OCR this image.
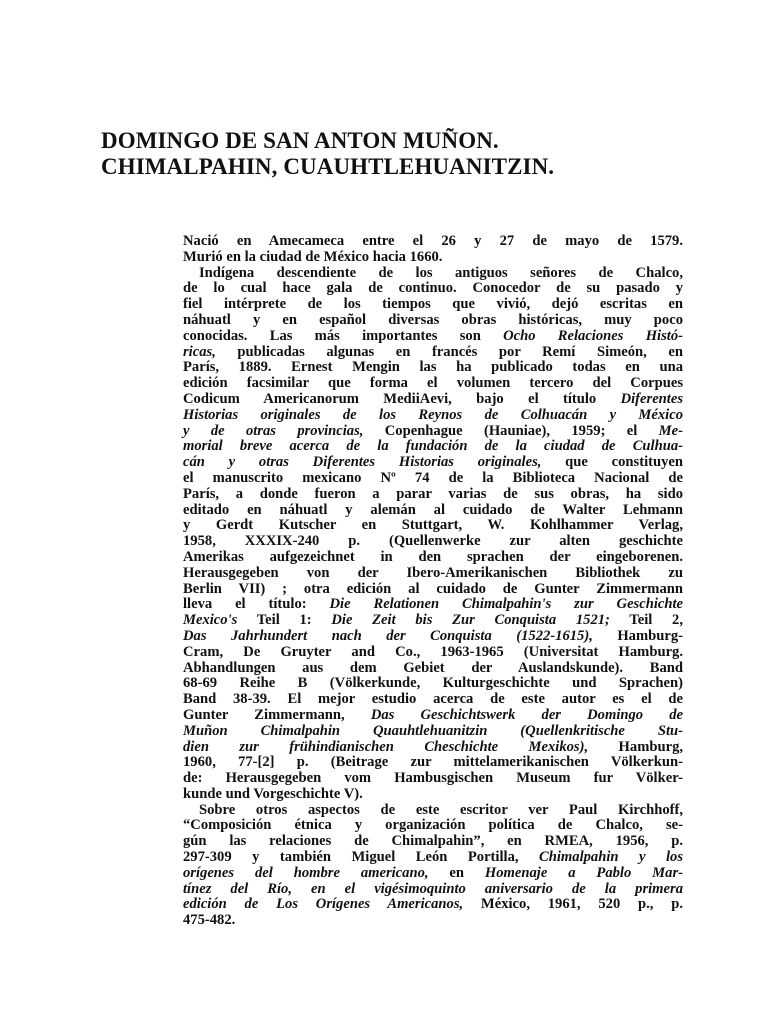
DOMINGO DE SAN ANTON MUÑON.
CHIMALPAHIN, CUAUHTLEHUANITZIN.
Nació en Amecameca entre el 26 y 27 de mayo de 1579.
Murió en la ciudad de México hacia 1660.
Indígena descendiente de los antiguos señores de Chalco,
de lo cual hace gala de continuo. Conocedor de su pasado y
fiel intérprete de los tiempos que vivió, dejó escritas en
náhuatl y en español diversas obras históricas, muy poco
conocidas. Las más importantes son Ocho Relaciones Histó-
ricas, publicadas algunas en francés por Remí Simeón, en
París, 1889. Ernest Mengin las ha publicado todas en una
edición facsimilar que forma el volumen tercero del Corpues
Codicum Americanorum MediiAevi, bajo el título Diferentes
Historias originales de los Reynos de Colhuacán y México
y de otras provincias, Copenhague (Hauniae), 1959; el Me-
morial breve acerca de la fundación de la ciudad de Culhua-
cán y otras Diferentes Historias originales, que constituyen
el manuscrito mexicano Nº 74 de la Biblioteca Nacional de
París, a donde fueron a parar varias de sus obras, ha sido
editado en náhuatl y alemán al cuidado de Walter Lehmann
y Gerdt Kutscher en Stuttgart, W. Kohlhammer Verlag,
1958, XXXIX-240 p. (Quellenwerke zur alten geschichte
Amerikas aufgezeichnet in den sprachen der eingeborenen.
Herausgegeben von der Ibero-Amerikanischen Bibliothek zu
Berlin VII) ; otra edición al cuidado de Gunter Zimmermann
lleva el título: Die Relationen Chimalpahin's zur Geschichte
Mexico's Teil 1: Die Zeit bis Zur Conquista 1521; Teil 2,
Das Jahrhundert nach der Conquista (1522-1615), Hamburg-
Cram, De Gruyter and Co., 1963-1965 (Universitat Hamburg.
Abhandlungen aus dem Gebiet der Auslandskunde). Band
68-69 Reihe B (Völkerkunde, Kulturgeschichte und Sprachen)
Band 38-39. El mejor estudio acerca de este autor es el de
Gunter Zimmermann, Das Geschichtswerk der Domingo de
Muñon Chimalpahin Quauhtlehuanitzin (Quellenkritische Stu-
dien zur frühindianischen Cheschichte Mexikos), Hamburg,
1960, 77-[2] p. (Beitrage zur mittelamerikanischen Völkerkun-
de: Herausgegeben vom Hambusgischen Museum fur Völker-
kunde und Vorgeschichte V).
Sobre otros aspectos de este escritor ver Paul Kirchhoff,
“Composición étnica y organización política de Chalco, se-
gún las relaciones de Chimalpahin”, en RMEA, 1956, p.
297-309 y también Miguel León Portilla, Chimalpahin y los
orígenes del hombre americano, en Homenaje a Pablo Mar-
tínez del Río, en el vigésimoquinto aniversario de la primera
edición de Los Orígenes Americanos, México, 1961, 520 p., p.
475-482.
